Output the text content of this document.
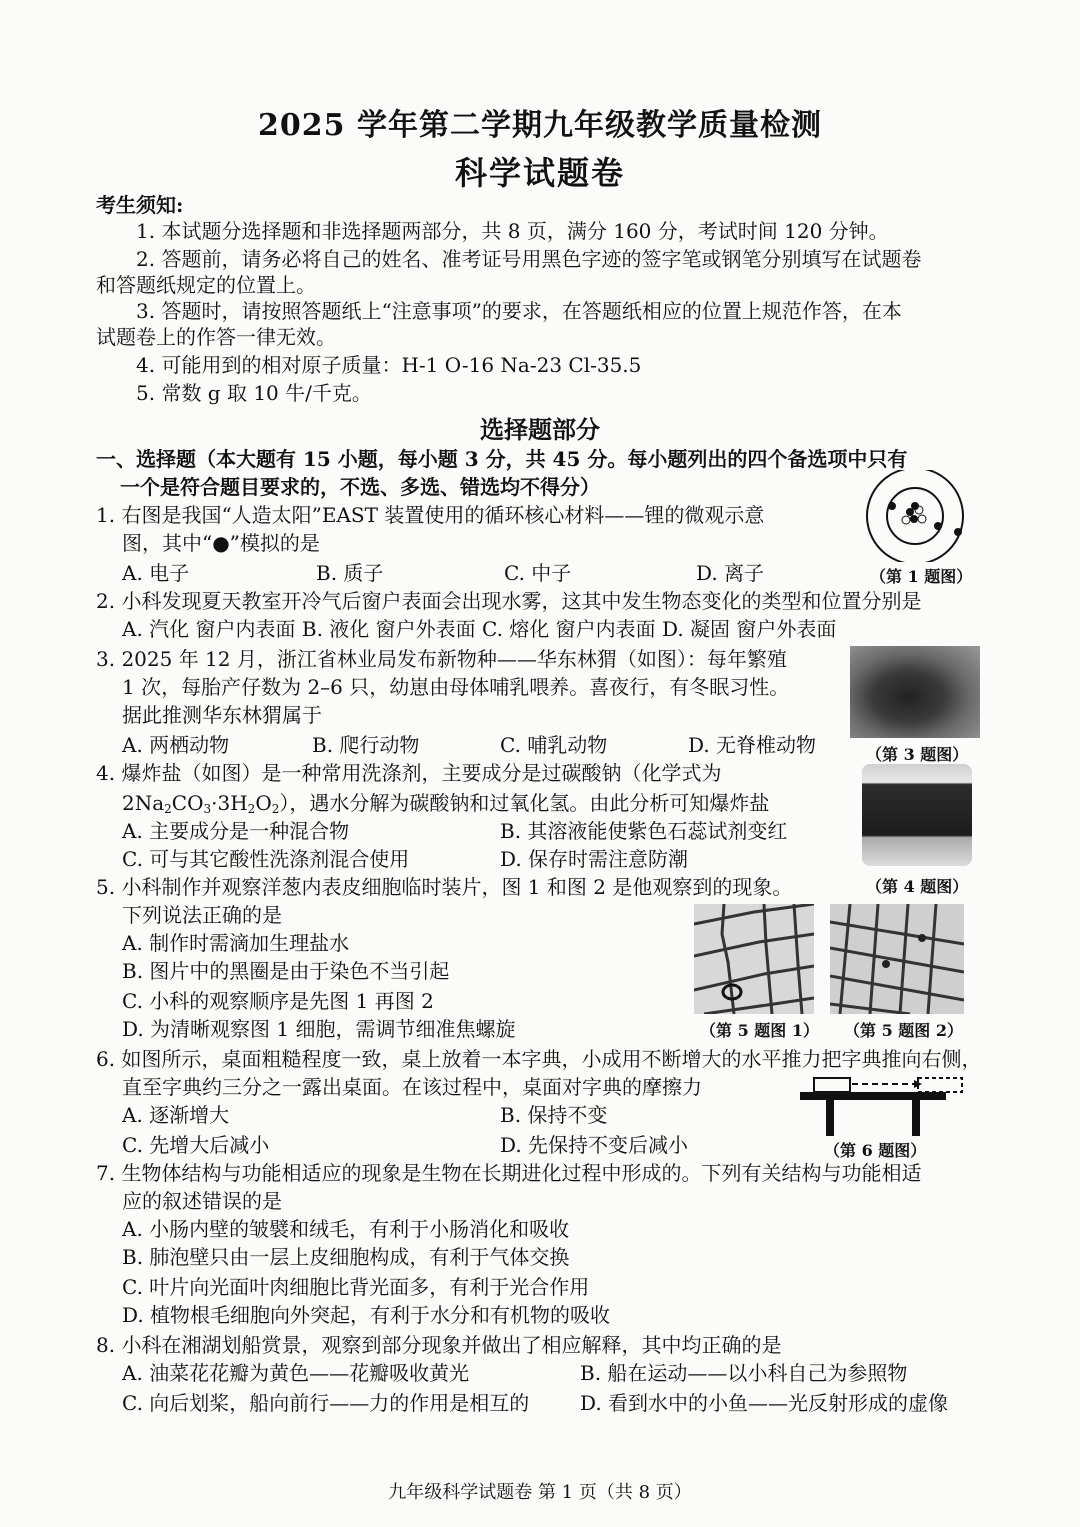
2025 学年第二学期九年级教学质量检测
科学试题卷
考生须知:
1. 本试题分选择题和非选择题两部分，共 8 页，满分 160 分，考试时间 120 分钟。
2. 答题前，请务必将自己的姓名、准考证号用黑色字迹的签字笔或钢笔分别填写在试题卷
和答题纸规定的位置上。
3. 答题时，请按照答题纸上“注意事项”的要求，在答题纸相应的位置上规范作答，在本
试题卷上的作答一律无效。
4. 可能用到的相对原子质量：H-1 O-16 Na-23 Cl-35.5
5. 常数 g 取 10 牛/千克。
选择题部分
一、选择题（本大题有 15 小题，每小题 3 分，共 45 分。每小题列出的四个备选项中只有
一个是符合题目要求的，不选、多选、错选均不得分）
1. 右图是我国“人造太阳”EAST 装置使用的循环核心材料——锂的微观示意
图，其中“●”模拟的是
A. 电子	B. 质子	C. 中子	D. 离子	（第 1 题图）
2. 小科发现夏天教室开冷气后窗户表面会出现水雾，这其中发生物态变化的类型和位置分别是
A. 汽化 窗户内表面 B. 液化 窗户外表面 C. 熔化 窗户内表面 D. 凝固 窗户外表面
3. 2025 年 12 月，浙江省林业局发布新物种——华东林猬（如图）：每年繁殖
1 次，每胎产仔数为 2–6 只，幼崽由母体哺乳喂养。喜夜行，有冬眠习性。
据此推测华东林猬属于
A. 两栖动物	B. 爬行动物	C. 哺乳动物	D. 无脊椎动物	（第 3 题图）
4. 爆炸盐（如图）是一种常用洗涤剂，主要成分是过碳酸钠（化学式为
$2Na_2CO_3\cdot 3H_2O_2$），遇水分解为碳酸钠和过氧化氢。由此分析可知爆炸盐
A. 主要成分是一种混合物	B. 其溶液能使紫色石蕊试剂变红
C. 可与其它酸性洗涤剂混合使用	D. 保存时需注意防潮
（第 4 题图）
5. 小科制作并观察洋葱内表皮细胞临时装片，图 1 和图 2 是他观察到的现象。
下列说法正确的是
A. 制作时需滴加生理盐水
B. 图片中的黑圈是由于染色不当引起
C. 小科的观察顺序是先图 1 再图 2
D. 为清晰观察图 1 细胞，需调节细准焦螺旋	（第 5 题图 1） （第 5 题图 2）
6. 如图所示，桌面粗糙程度一致，桌上放着一本字典，小成用不断增大的水平推力把字典推向右侧，
直至字典约三分之一露出桌面。在该过程中，桌面对字典的摩擦力
A. 逐渐增大	B. 保持不变
C. 先增大后减小	D. 先保持不变后减小	（第 6 题图）
7. 生物体结构与功能相适应的现象是生物在长期进化过程中形成的。下列有关结构与功能相适
应的叙述错误的是
A. 小肠内壁的皱襞和绒毛，有利于小肠消化和吸收
B. 肺泡壁只由一层上皮细胞构成，有利于气体交换
C. 叶片向光面叶肉细胞比背光面多，有利于光合作用
D. 植物根毛细胞向外突起，有利于水分和有机物的吸收
8. 小科在湘湖划船赏景，观察到部分现象并做出了相应解释，其中均正确的是
A. 油菜花花瓣为黄色——花瓣吸收黄光	B. 船在运动——以小科自己为参照物
C. 向后划桨，船向前行——力的作用是相互的	D. 看到水中的小鱼——光反射形成的虚像
九年级科学试题卷 第 1 页（共 8 页）
